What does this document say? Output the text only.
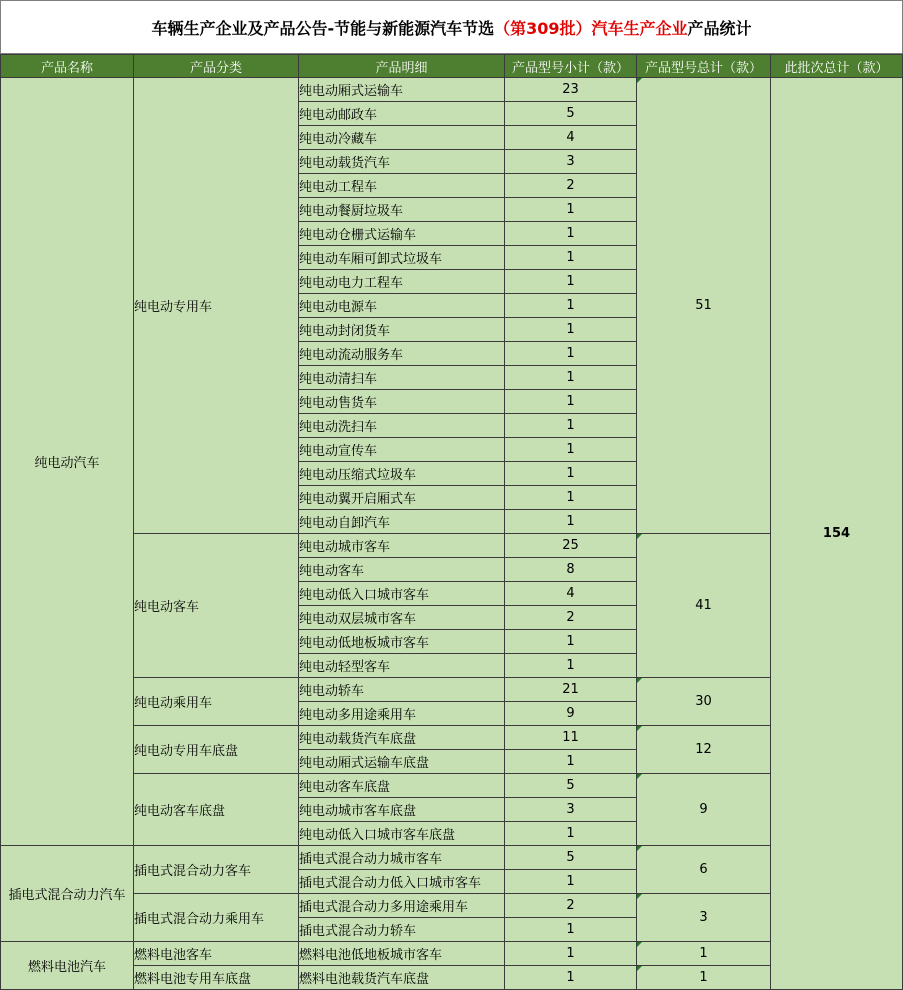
车辆生产企业及产品公告-节能与新能源汽车节选 （第309批）汽车生产企业 产品统计
产品名称	产品分类	产品明细	产品型号小计（款）	产品型号总计（款）	此批次总计（款）
纯电动汽车	纯电动专用车	纯电动厢式运输车	23	51	154
		纯电动邮政车	5		
		纯电动冷藏车	4		
		纯电动载货汽车	3		
		纯电动工程车	2		
		纯电动餐厨垃圾车	1		
		纯电动仓栅式运输车	1		
		纯电动车厢可卸式垃圾车	1		
		纯电动电力工程车	1		
		纯电动电源车	1		
		纯电动封闭货车	1		
		纯电动流动服务车	1		
		纯电动清扫车	1		
		纯电动售货车	1		
		纯电动洗扫车	1		
		纯电动宣传车	1		
		纯电动压缩式垃圾车	1		
		纯电动翼开启厢式车	1		
		纯电动自卸汽车	1		
	纯电动客车	纯电动城市客车	25	41	
		纯电动客车	8		
		纯电动低入口城市客车	4		
		纯电动双层城市客车	2		
		纯电动低地板城市客车	1		
		纯电动轻型客车	1		
	纯电动乘用车	纯电动轿车	21	30	
		纯电动多用途乘用车	9		
	纯电动专用车底盘	纯电动载货汽车底盘	11	12	
		纯电动厢式运输车底盘	1		
	纯电动客车底盘	纯电动客车底盘	5	9	
		纯电动城市客车底盘	3		
		纯电动低入口城市客车底盘	1		
插电式混合动力汽车	插电式混合动力客车	插电式混合动力城市客车	5	6	
		插电式混合动力低入口城市客车	1		
	插电式混合动力乘用车	插电式混合动力多用途乘用车	2	3	
		插电式混合动力轿车	1		
燃料电池汽车	燃料电池客车	燃料电池低地板城市客车	1	1	
	燃料电池专用车底盘	燃料电池载货汽车底盘	1	1	
